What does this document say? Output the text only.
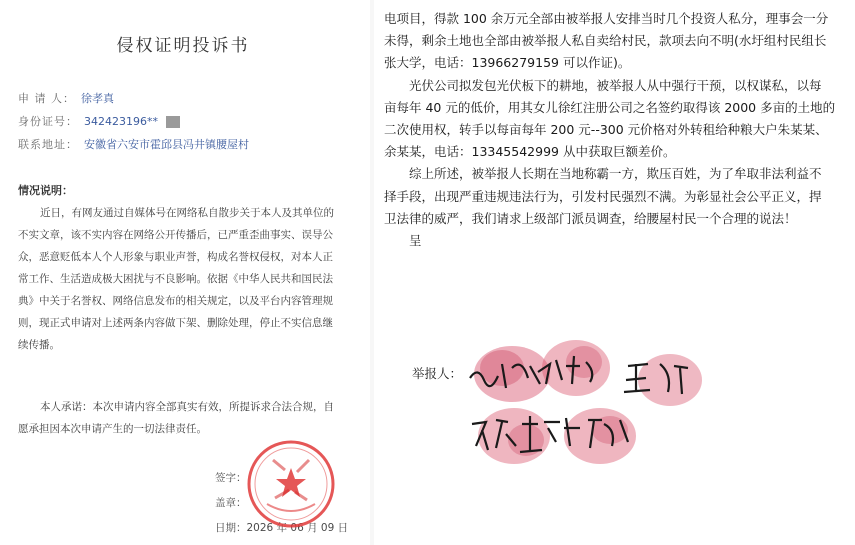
侵权证明投诉书
申 请 人： 徐孝真
身份证号： 342423196**
联系地址： 安徽省六安市霍邱县冯井镇腰屋村
情况说明：
近日，有网友通过自媒体号在网络私自散步关于本人及其单位的
不实文章，该不实内容在网络公开传播后，已严重歪曲事实、误导公
众，恶意贬低本人个人形象与职业声誉，构成名誉权侵权，对本人正
常工作、生活造成极大困扰与不良影响。依据《中华人民共和国民法
典》中关于名誉权、网络信息发布的相关规定，以及平台内容管理规
则，现正式申请对上述两条内容做下架、删除处理，停止不实信息继
续传播。
本人承诺：本次申请内容全部真实有效，所提诉求合法合规，自
愿承担因本次申请产生的一切法律责任。
签字：
盖章：
日期：2026 年 06 月 09 日
电项目，得款 100 余万元全部由被举报人安排当时几个投资人私分，理事会一分
未得，剩余土地也全部由被举报人私自卖给村民，款项去向不明(水圩组村民组长
张大学，电话：13966279159 可以作证)。
　　光伏公司拟发包光伏板下的耕地，被举报人从中强行干预，以权谋私，以每
亩每年 40 元的低价，用其女儿徐红注册公司之名签约取得该 2000 多亩的土地的
二次使用权，转手以每亩每年 200 元--300 元价格对外转租给种粮大户朱某某、
余某某，电话：13345542999 从中获取巨额差价。
　　综上所述，被举报人长期在当地称霸一方，欺压百姓，为了牟取非法利益不
择手段，出现严重违规违法行为，引发村民强烈不满。为彰显社会公平正义，捍
卫法律的威严，我们请求上级部门派员调查，给腰屋村民一个合理的说法！
　　呈
举报人：
